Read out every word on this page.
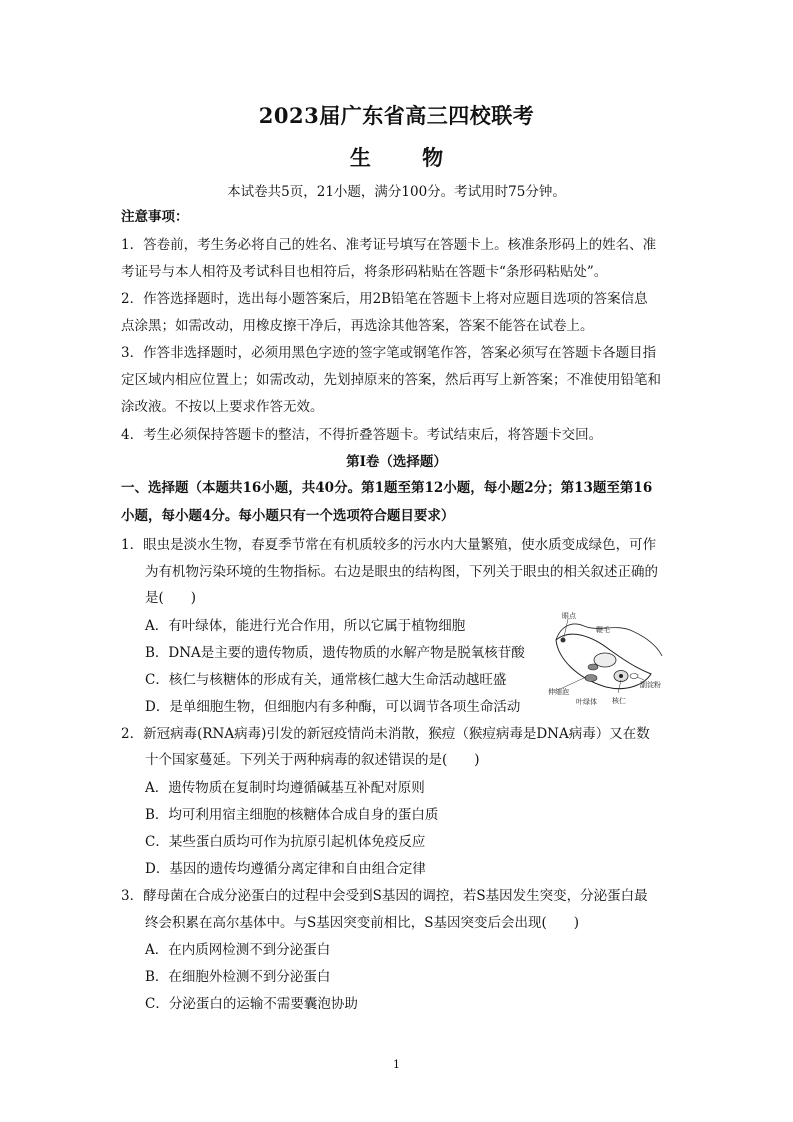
2023届广东省高三四校联考
生 物
本试卷共5页，21小题，满分100分。考试用时75分钟。
注意事项：
1．答卷前，考生务必将自己的姓名、准考证号填写在答题卡上。核准条形码上的姓名、准
考证号与本人相符及考试科目也相符后，将条形码粘贴在答题卡“条形码粘贴处”。
2．作答选择题时，选出每小题答案后，用2B铅笔在答题卡上将对应题目选项的答案信息
点涂黑；如需改动，用橡皮擦干净后，再选涂其他答案，答案不能答在试卷上。
3．作答非选择题时，必须用黑色字迹的签字笔或钢笔作答，答案必须写在答题卡各题目指
定区域内相应位置上；如需改动，先划掉原来的答案，然后再写上新答案；不准使用铅笔和
涂改液。不按以上要求作答无效。
4．考生必须保持答题卡的整洁，不得折叠答题卡。考试结束后，将答题卡交回。
第Ⅰ卷（选择题）
一、选择题（本题共16小题，共40分。第1题至第12小题，每小题2分；第13题至第16
小题，每小题4分。每小题只有一个选项符合题目要求）
1．眼虫是淡水生物，春夏季节常在有机质较多的污水内大量繁殖，使水质变成绿色，可作
为有机物污染环境的生物指标。右边是眼虫的结构图，下列关于眼虫的相关叙述正确的
是(　　)
A．有叶绿体，能进行光合作用，所以它属于植物细胞
B．DNA是主要的遗传物质，遗传物质的水解产物是脱氧核苷酸
C．核仁与核糖体的形成有关，通常核仁越大生命活动越旺盛
D．是单细胞生物，但细胞内有多种酶，可以调节各项生命活动
眼点
鞭毛
伸缩泡
叶绿体 核仁
副淀粉
2．新冠病毒(RNA病毒)引发的新冠疫情尚未消散，猴痘（猴痘病毒是DNA病毒）又在数
十个国家蔓延。下列关于两种病毒的叙述错误的是(　　)
A．遗传物质在复制时均遵循碱基互补配对原则
B．均可利用宿主细胞的核糖体合成自身的蛋白质
C．某些蛋白质均可作为抗原引起机体免疫反应
D．基因的遗传均遵循分离定律和自由组合定律
3．酵母菌在合成分泌蛋白的过程中会受到S基因的调控，若S基因发生突变，分泌蛋白最
终会积累在高尔基体中。与S基因突变前相比，S基因突变后会出现(　　)
A．在内质网检测不到分泌蛋白
B．在细胞外检测不到分泌蛋白
C．分泌蛋白的运输不需要囊泡协助
1
